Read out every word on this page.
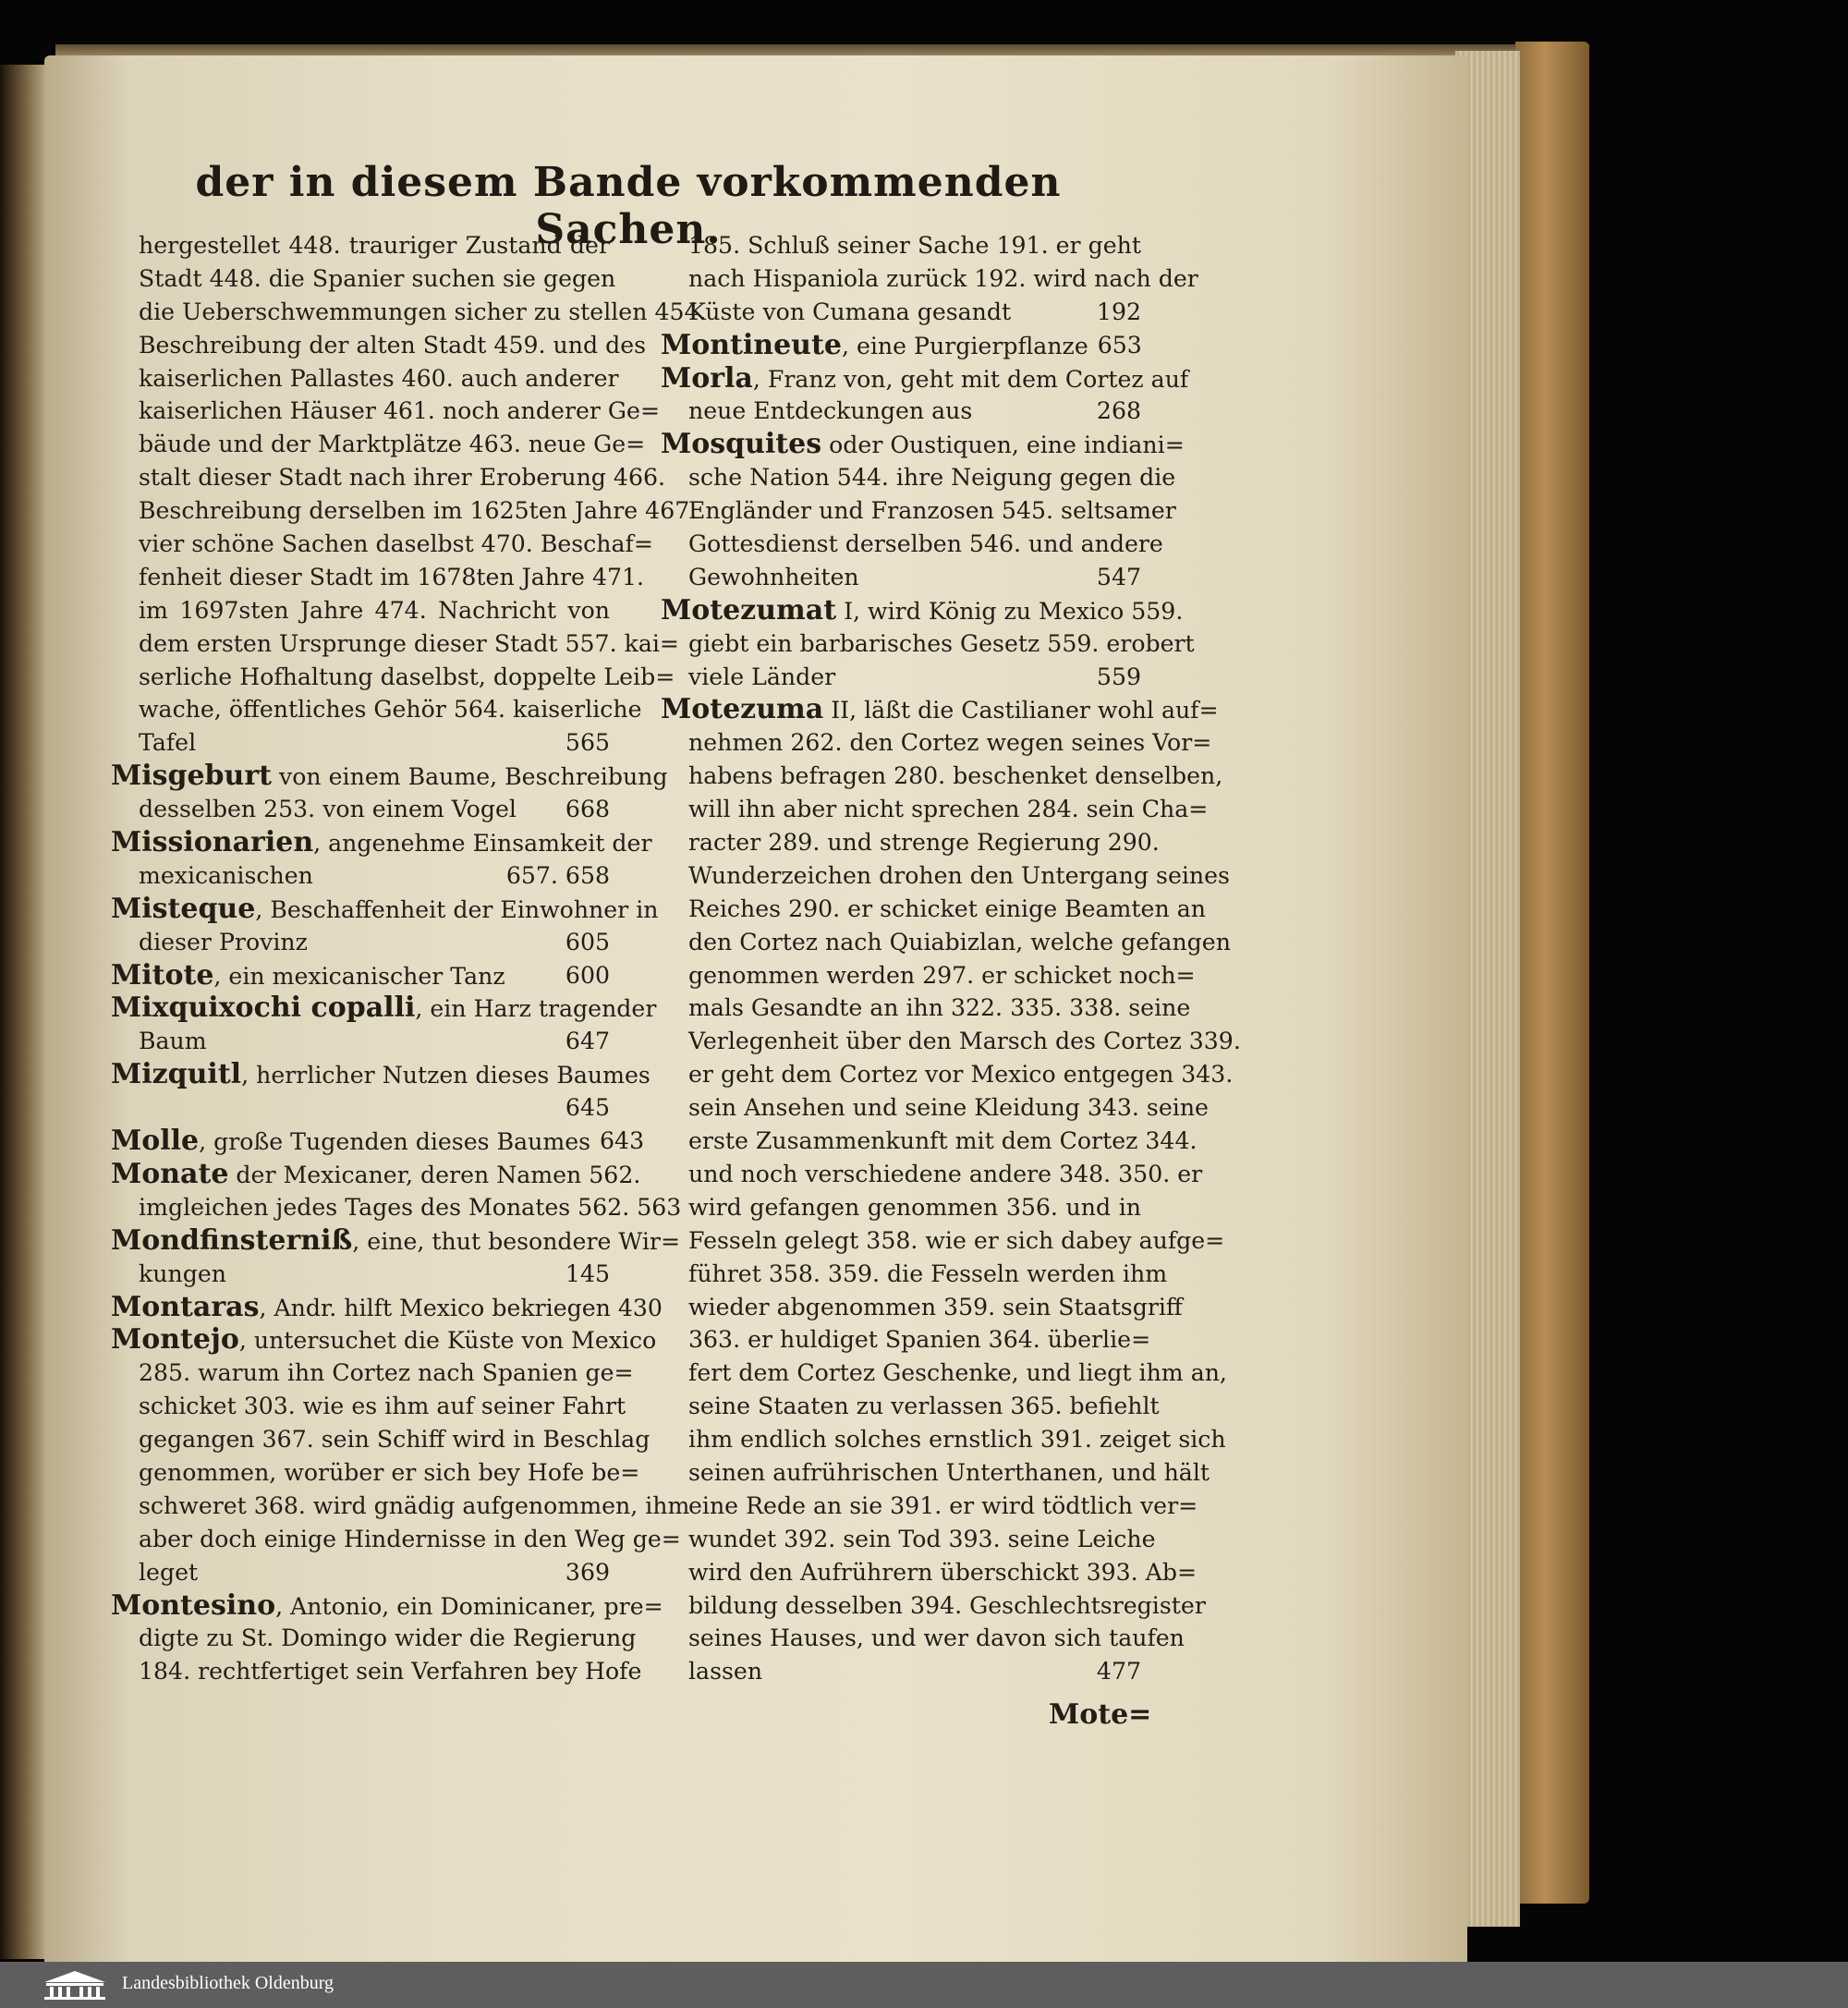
der in diesem Bande vorkommenden Sachen.
hergestellet 448. trauriger Zustand der
Stadt 448. die Spanier suchen sie gegen
die Ueberschwemmungen sicher zu stellen 454.
Beschreibung der alten Stadt 459. und des
kaiserlichen Pallastes 460. auch anderer
kaiserlichen Häuser 461. noch anderer Ge=
bäude und der Marktplätze 463. neue Ge=
stalt dieser Stadt nach ihrer Eroberung 466.
Beschreibung derselben im 1625ten Jahre 467.
vier schöne Sachen daselbst 470. Beschaf=
fenheit dieser Stadt im 1678ten Jahre 471.
im 1697sten Jahre 474. Nachricht von
dem ersten Ursprunge dieser Stadt 557. kai=
serliche Hofhaltung daselbst, doppelte Leib=
wache, öffentliches Gehör 564. kaiserliche
Tafel	565
Misgeburt von einem Baume, Beschreibung
desselben 253. von einem Vogel	668
Missionarien, angenehme Einsamkeit der
mexicanischen	657. 658
Misteque, Beschaffenheit der Einwohner in
dieser Provinz	605
Mitote, ein mexicanischer Tanz	600
Mixquixochi copalli, ein Harz tragender
Baum	647
Mizquitl, herrlicher Nutzen dieses Baumes
645
Molle, große Tugenden dieses Baumes 643
Monate der Mexicaner, deren Namen 562.
imgleichen jedes Tages des Monates 562. 563
Mondfinsterniß, eine, thut besondere Wir=
kungen	145
Montaras, Andr. hilft Mexico bekriegen 430
Montejo, untersuchet die Küste von Mexico
285. warum ihn Cortez nach Spanien ge=
schicket 303. wie es ihm auf seiner Fahrt
gegangen 367. sein Schiff wird in Beschlag
genommen, worüber er sich bey Hofe be=
schweret 368. wird gnädig aufgenommen, ihm
aber doch einige Hindernisse in den Weg ge=
leget	369
Montesino, Antonio, ein Dominicaner, pre=
digte zu St. Domingo wider die Regierung
184. rechtfertiget sein Verfahren bey Hofe
185. Schluß seiner Sache 191. er geht
nach Hispaniola zurück 192. wird nach der
Küste von Cumana gesandt	192
Montineute, eine Purgierpflanze 653
Morla, Franz von, geht mit dem Cortez auf
neue Entdeckungen aus	268
Mosquites oder Oustiquen, eine indiani=
sche Nation 544. ihre Neigung gegen die
Engländer und Franzosen 545. seltsamer
Gottesdienst derselben 546. und andere
Gewohnheiten	547
Motezumat I, wird König zu Mexico 559.
giebt ein barbarisches Gesetz 559. erobert
viele Länder	559
Motezuma II, läßt die Castilianer wohl auf=
nehmen 262. den Cortez wegen seines Vor=
habens befragen 280. beschenket denselben,
will ihn aber nicht sprechen 284. sein Cha=
racter 289. und strenge Regierung 290.
Wunderzeichen drohen den Untergang seines
Reiches 290. er schicket einige Beamten an
den Cortez nach Quiabizlan, welche gefangen
genommen werden 297. er schicket noch=
mals Gesandte an ihn 322. 335. 338. seine
Verlegenheit über den Marsch des Cortez 339.
er geht dem Cortez vor Mexico entgegen 343.
sein Ansehen und seine Kleidung 343. seine
erste Zusammenkunft mit dem Cortez 344.
und noch verschiedene andere 348. 350. er
wird gefangen genommen 356. und in
Fesseln gelegt 358. wie er sich dabey aufge=
führet 358. 359. die Fesseln werden ihm
wieder abgenommen 359. sein Staatsgriff
363. er huldiget Spanien 364. überlie=
fert dem Cortez Geschenke, und liegt ihm an,
seine Staaten zu verlassen 365. befiehlt
ihm endlich solches ernstlich 391. zeiget sich
seinen aufrührischen Unterthanen, und hält
eine Rede an sie 391. er wird tödtlich ver=
wundet 392. sein Tod 393. seine Leiche
wird den Aufrührern überschickt 393. Ab=
bildung desselben 394. Geschlechtsregister
seines Hauses, und wer davon sich taufen
lassen	477
Mote=
Landesbibliothek Oldenburg
